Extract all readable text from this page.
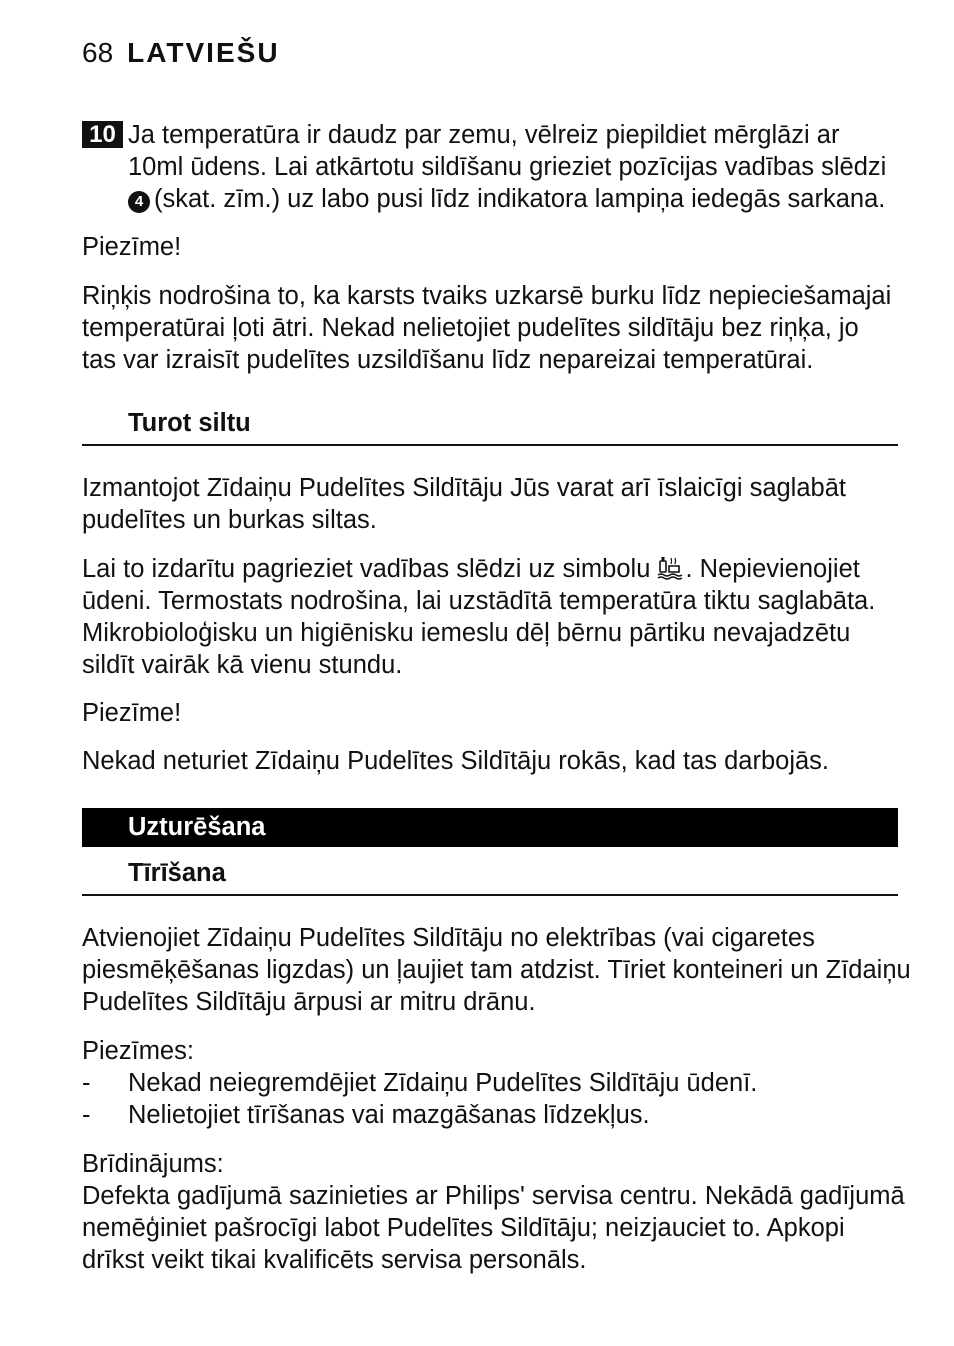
68 LATVIEŠU
10 Ja temperatūra ir daudz par zemu, vēlreiz piepildiet mērglāzi ar
10ml ūdens. Lai atkārtotu sildīšanu grieziet pozīcijas vadības slēdzi
4 (skat. zīm.) uz labo pusi līdz indikatora lampiņa iedegās sarkana.
Piezīme!
Riņķis nodrošina to, ka karsts tvaiks uzkarsē burku līdz nepieciešamajai
temperatūrai ļoti ātri. Nekad nelietojiet pudelītes sildītāju bez riņķa, jo
tas var izraisīt pudelītes uzsildīšanu līdz nepareizai temperatūrai.
Turot siltu
Izmantojot Zīdaiņu Pudelītes Sildītāju Jūs varat arī īslaicīgi saglabāt
pudelītes un burkas siltas.
Lai to izdarītu pagrieziet vadības slēdzi uz simbolu . Nepievienojiet
ūdeni. Termostats nodrošina, lai uzstādītā temperatūra tiktu saglabāta.
Mikrobioloģisku un higiēnisku iemeslu dēļ bērnu pārtiku nevajadzētu
sildīt vairāk kā vienu stundu.
Piezīme!
Nekad neturiet Zīdaiņu Pudelītes Sildītāju rokās, kad tas darbojās.
Uzturēšana
Tīrīšana
Atvienojiet Zīdaiņu Pudelītes Sildītāju no elektrības (vai cigaretes
piesmēķēšanas ligzdas) un ļaujiet tam atdzist. Tīriet konteineri un Zīdaiņu
Pudelītes Sildītāju ārpusi ar mitru drānu.
Piezīmes:
- Nekad neiegremdējiet Zīdaiņu Pudelītes Sildītāju ūdenī.
- Nelietojiet tīrīšanas vai mazgāšanas līdzekļus.
Brīdinājums:
Defekta gadījumā sazinieties ar Philips' servisa centru. Nekādā gadījumā
nemēģiniet pašrocīgi labot Pudelītes Sildītāju; neizjauciet to. Apkopi
drīkst veikt tikai kvalificēts servisa personāls.
